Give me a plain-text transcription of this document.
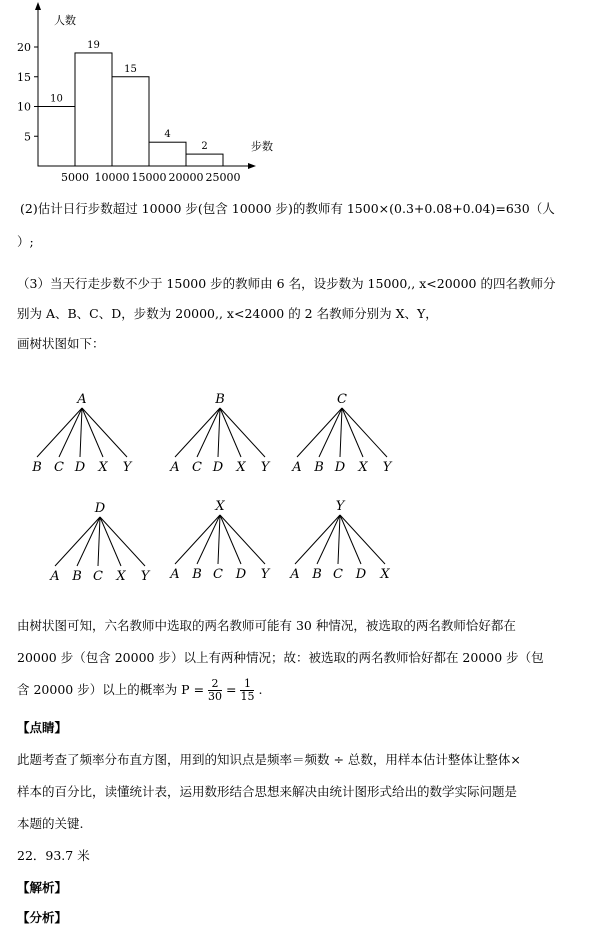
人数
步数
5
10
15
20
10
19
15
4
2
5000 10000 15000 20000 25000
(2)估计日行步数超过 10000 步(包含 10000 步)的教师有 1500×(0.3+0.08+0.04)=630（人
）;
（3）当天行走步数不少于 15000 步的教师由 6 名，设步数为 15000,, x<20000 的四名教师分
别为 A、B、C、D，步数为 20000,, x<24000 的 2 名教师分别为 X、Y，
画树状图如下：
A
B C D X Y
B
A C D X Y
C
A B D X Y
D
A B C X Y
X
A B C D Y
Y
A B C D X
由树状图可知，六名教师中选取的两名教师可能有 30 种情况，被选取的两名教师恰好都在
20000 步（包含 20000 步）以上有两种情况；故：被选取的两名教师恰好都在 20000 步（包
含 20000 步）以上的概率为 $P = \frac{2}{30} = \frac{1}{15}$ .
【点睛】
此题考查了频率分布直方图，用到的知识点是频率＝频数 ÷ 总数，用样本估计整体让整体×
样本的百分比，读懂统计表，运用数形结合思想来解决由统计图形式给出的数学实际问题是
本题的关键.
22．93.7 米
【解析】
【分析】
